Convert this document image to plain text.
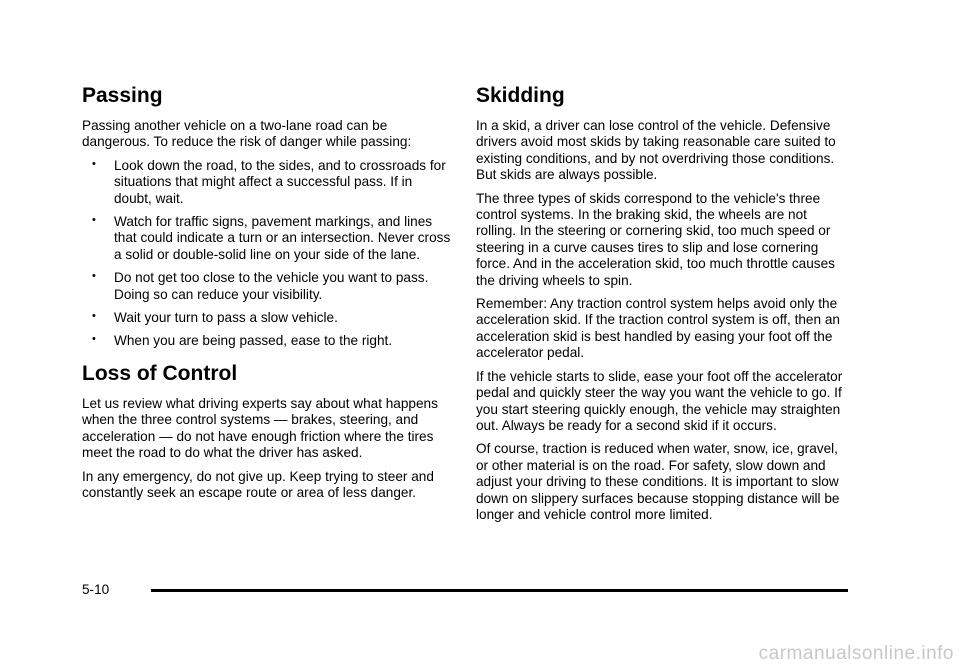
Passing

Passing another vehicle on a two-lane road can be dangerous. To reduce the risk of danger while passing:

• Look down the road, to the sides, and to crossroads for situations that might affect a successful pass. If in doubt, wait.
• Watch for traffic signs, pavement markings, and lines that could indicate a turn or an intersection. Never cross a solid or double-solid line on your side of the lane.
• Do not get too close to the vehicle you want to pass. Doing so can reduce your visibility.
• Wait your turn to pass a slow vehicle.
• When you are being passed, ease to the right.
Loss of Control

Let us review what driving experts say about what happens when the three control systems — brakes, steering, and acceleration — do not have enough friction where the tires meet the road to do what the driver has asked.

In any emergency, do not give up. Keep trying to steer and constantly seek an escape route or area of less danger.

Skidding

In a skid, a driver can lose control of the vehicle. Defensive drivers avoid most skids by taking reasonable care suited to existing conditions, and by not overdriving those conditions. But skids are always possible.

The three types of skids correspond to the vehicle's three control systems. In the braking skid, the wheels are not rolling. In the steering or cornering skid, too much speed or steering in a curve causes tires to slip and lose cornering force. And in the acceleration skid, too much throttle causes the driving wheels to spin.

Remember: Any traction control system helps avoid only the acceleration skid. If the traction control system is off, then an acceleration skid is best handled by easing your foot off the accelerator pedal.

If the vehicle starts to slide, ease your foot off the accelerator pedal and quickly steer the way you want the vehicle to go. If you start steering quickly enough, the vehicle may straighten out. Always be ready for a second skid if it occurs.

Of course, traction is reduced when water, snow, ice, gravel, or other material is on the road. For safety, slow down and adjust your driving to these conditions. It is important to slow down on slippery surfaces because stopping distance will be longer and vehicle control more limited.

5-10
carmanualsonline.info
